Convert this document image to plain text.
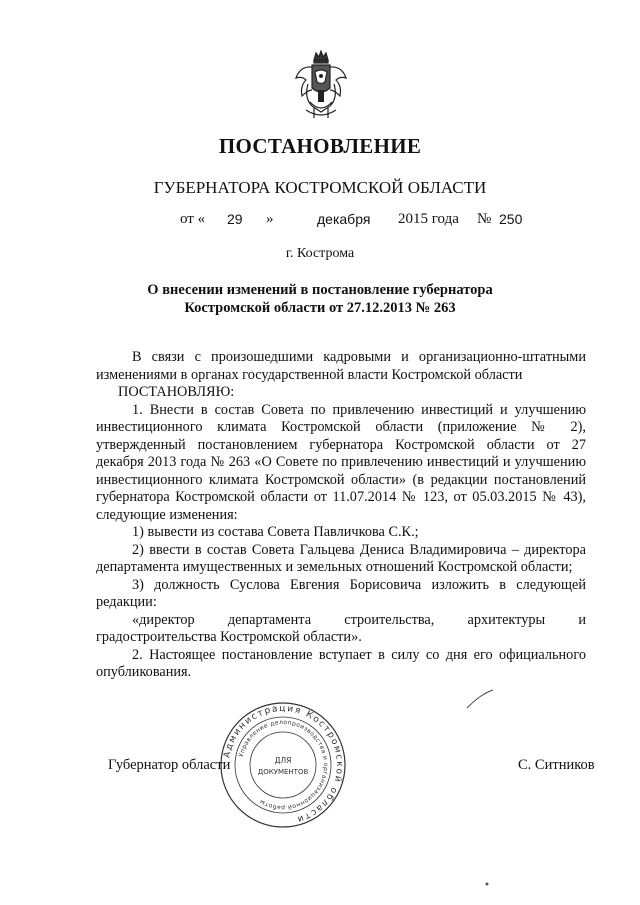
ПОСТАНОВЛЕНИЕ
ГУБЕРНАТОРА КОСТРОМСКОЙ ОБЛАСТИ
от « 29 »	декабря 2015 года № 250
г. Кострома
О внесении изменений в постановление губернатора
Костромской области от 27.12.2013 № 263

В связи с произошедшими кадровыми и организационно-штатными изменениями в органах государственной власти Костромской области

ПОСТАНОВЛЯЮ:

1. Внести в состав Совета по привлечению инвестиций и улучшению инвестиционного климата Костромской области (приложение № 2), утвержденный постановлением губернатора Костромской области от 27 декабря 2013 года № 263 «О Совете по привлечению инвестиций и улучшению инвестиционного климата Костромской области» (в редакции постановлений губернатора Костромской области от 11.07.2014 № 123, от 05.03.2015 № 43), следующие изменения:

1) вывести из состава Совета Павличкова С.К.;

2) ввести в состав Совета Гальцева Дениса Владимировича – директора департамента имущественных и земельных отношений Костромской области;

3) должность Суслова Евгения Борисовича изложить в следующей редакции:

«директор департамента строительства, архитектуры и градостроительства Костромской области».

2. Настоящее постановление вступает в силу со дня его официального опубликования.

Администрация Костромской области
Управление делопроизводства и организационной работы
ДЛЯ
ДОКУМЕНТОВ
Губернатор области	С. Ситников
